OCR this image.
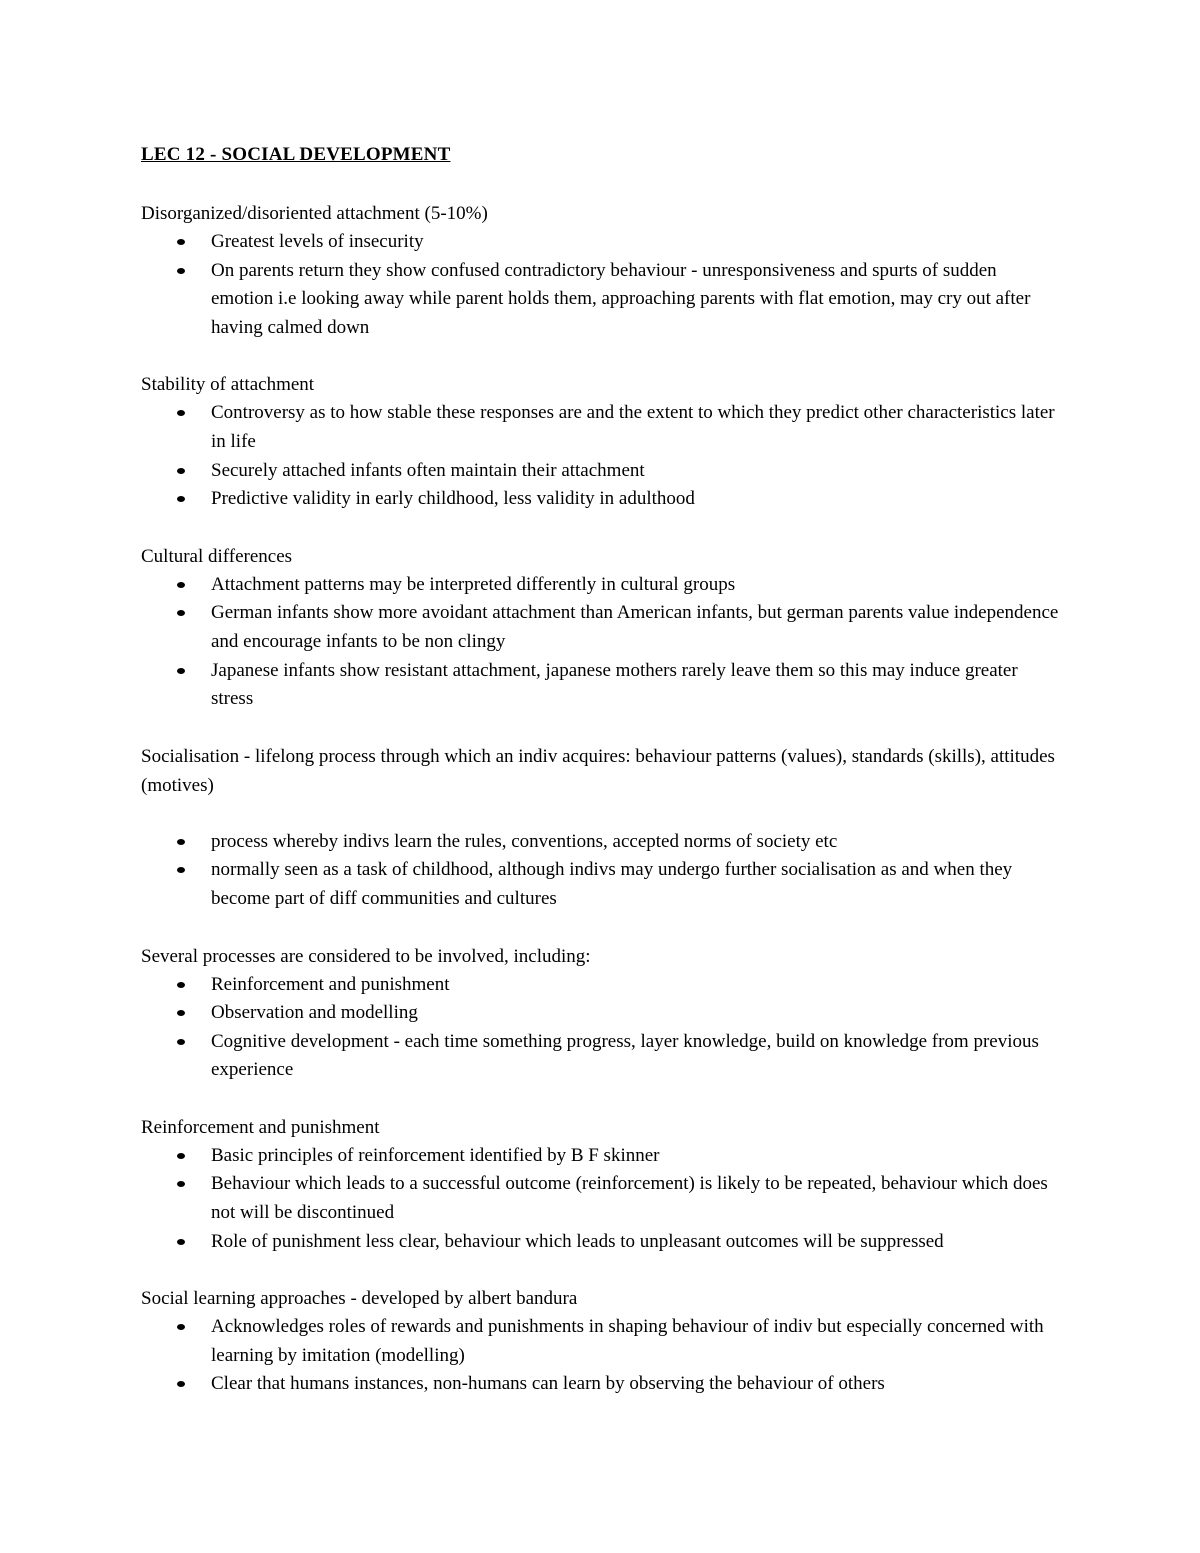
LEC 12 - SOCIAL DEVELOPMENT
Disorganized/disoriented attachment (5-10%)
Greatest levels of insecurity
On parents return they show confused contradictory behaviour - unresponsiveness and spurts of sudden emotion i.e looking away while parent holds them, approaching parents with flat emotion, may cry out after having calmed down
Stability of attachment
Controversy as to how stable these responses are and the extent to which they predict other characteristics later in life
Securely attached infants often maintain their attachment
Predictive validity in early childhood, less validity in adulthood
Cultural differences
Attachment patterns may be interpreted differently in cultural groups
German infants show more avoidant attachment than American infants, but german parents value independence and encourage infants to be non clingy
Japanese infants show resistant attachment, japanese mothers rarely leave them so this may induce greater stress
Socialisation - lifelong process through which an indiv acquires: behaviour patterns (values), standards (skills), attitudes (motives)
process whereby indivs learn the rules, conventions, accepted norms of society etc
normally seen as a task of childhood, although indivs may undergo further socialisation as and when they become part of diff communities and cultures
Several processes are considered to be involved, including:
Reinforcement and punishment
Observation and modelling
Cognitive development - each time something progress, layer knowledge, build on knowledge from previous experience
Reinforcement and punishment
Basic principles of reinforcement identified by B F skinner
Behaviour which leads to a successful outcome (reinforcement) is likely to be repeated, behaviour which does not will be discontinued
Role of punishment less clear, behaviour which leads to unpleasant outcomes will be suppressed
Social learning approaches - developed by albert bandura
Acknowledges roles of rewards and punishments in shaping behaviour of indiv but especially concerned with learning by imitation (modelling)
Clear that humans instances, non-humans can learn by observing the behaviour of others
